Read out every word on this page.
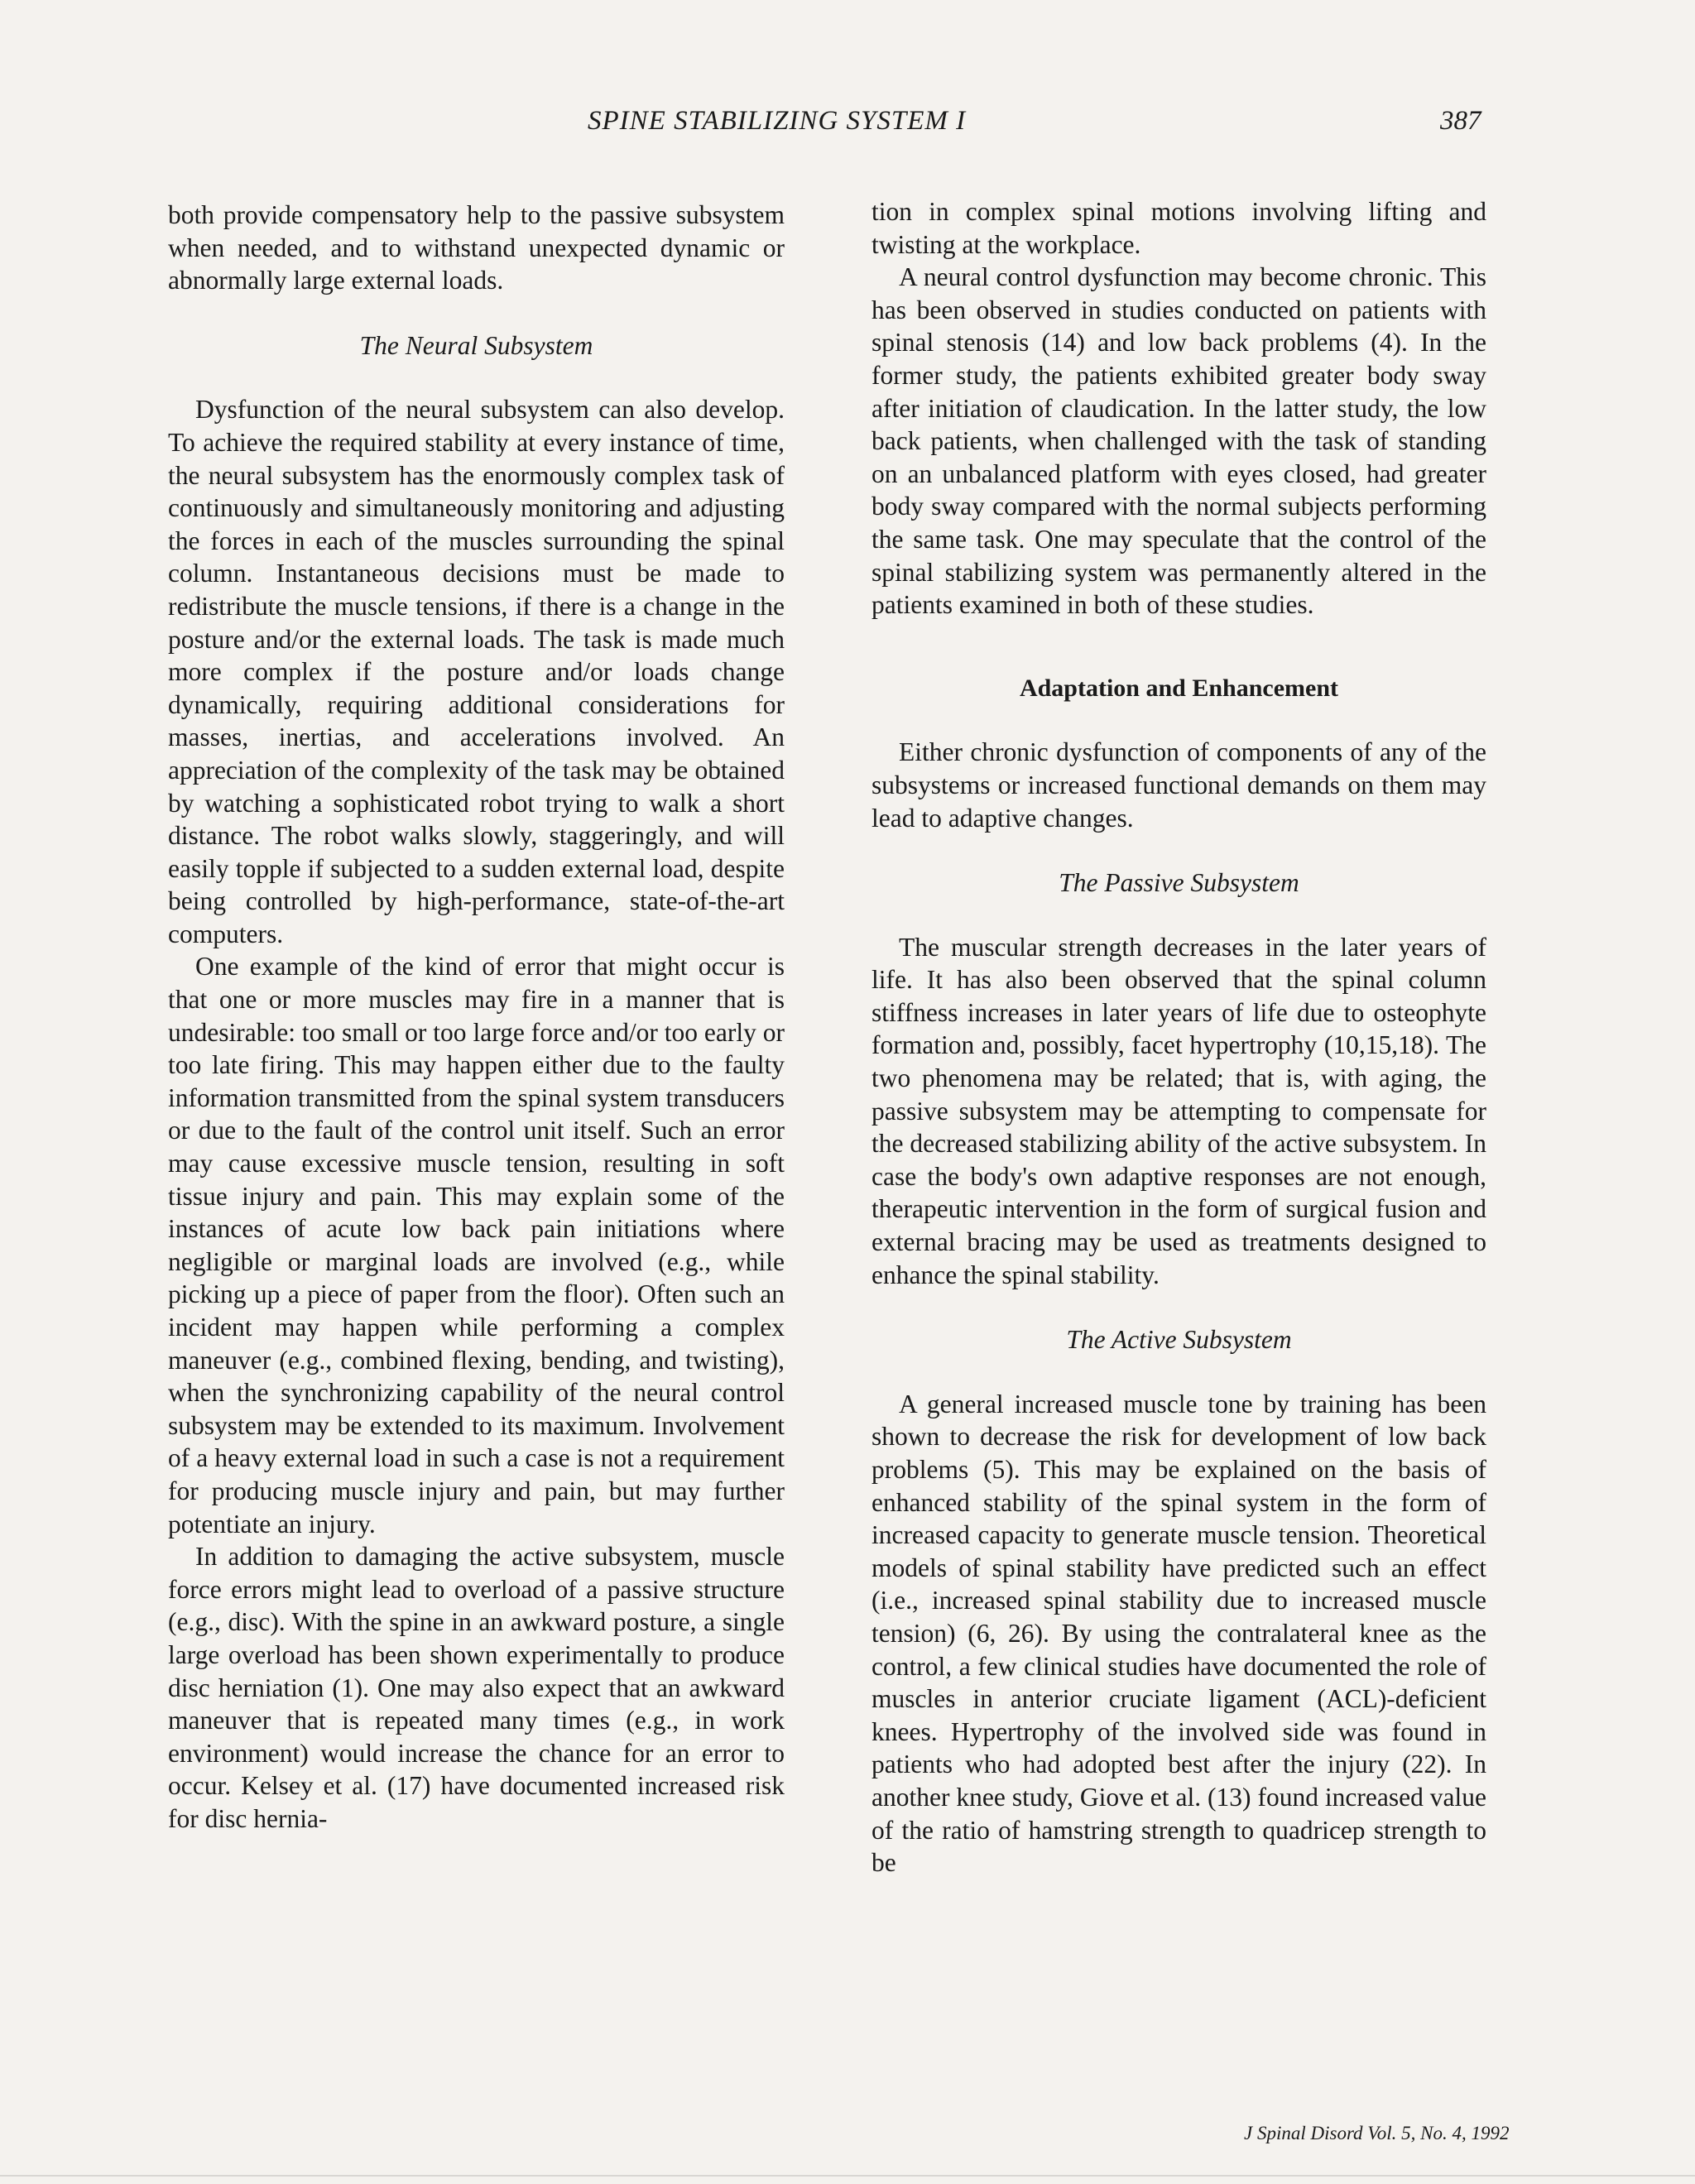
SPINE STABILIZING SYSTEM I	387

both provide compensatory help to the passive subsystem when needed, and to withstand unexpected dynamic or abnormally large external loads.

The Neural Subsystem

Dysfunction of the neural subsystem can also develop. To achieve the required stability at every instance of time, the neural subsystem has the enormously complex task of continuously and simultaneously monitoring and adjusting the forces in each of the muscles surrounding the spinal column. Instantaneous decisions must be made to redistribute the muscle tensions, if there is a change in the posture and/or the external loads. The task is made much more complex if the posture and/or loads change dynamically, requiring additional considerations for masses, inertias, and accelerations involved. An appreciation of the complexity of the task may be obtained by watching a sophisticated robot trying to walk a short distance. The robot walks slowly, staggeringly, and will easily topple if subjected to a sudden external load, despite being controlled by high-performance, state-of-the-art computers.

One example of the kind of error that might occur is that one or more muscles may fire in a manner that is undesirable: too small or too large force and/or too early or too late firing. This may happen either due to the faulty information transmitted from the spinal system transducers or due to the fault of the control unit itself. Such an error may cause excessive muscle tension, resulting in soft tissue injury and pain. This may explain some of the instances of acute low back pain initiations where negligible or marginal loads are involved (e.g., while picking up a piece of paper from the floor). Often such an incident may happen while performing a complex maneuver (e.g., combined flexing, bending, and twisting), when the synchronizing capability of the neural control subsystem may be extended to its maximum. Involvement of a heavy external load in such a case is not a requirement for producing muscle injury and pain, but may further potentiate an injury.

In addition to damaging the active subsystem, muscle force errors might lead to overload of a passive structure (e.g., disc). With the spine in an awkward posture, a single large overload has been shown experimentally to produce disc herniation (1). One may also expect that an awkward maneuver that is repeated many times (e.g., in work environment) would increase the chance for an error to occur. Kelsey et al. (17) have documented increased risk for disc hernia-

tion in complex spinal motions involving lifting and twisting at the workplace.

A neural control dysfunction may become chronic. This has been observed in studies conducted on patients with spinal stenosis (14) and low back problems (4). In the former study, the patients exhibited greater body sway after initiation of claudication. In the latter study, the low back patients, when challenged with the task of standing on an unbalanced platform with eyes closed, had greater body sway compared with the normal subjects performing the same task. One may speculate that the control of the spinal stabilizing system was permanently altered in the patients examined in both of these studies.

Adaptation and Enhancement

Either chronic dysfunction of components of any of the subsystems or increased functional demands on them may lead to adaptive changes.

The Passive Subsystem

The muscular strength decreases in the later years of life. It has also been observed that the spinal column stiffness increases in later years of life due to osteophyte formation and, possibly, facet hypertrophy (10,15,18). The two phenomena may be related; that is, with aging, the passive subsystem may be attempting to compensate for the decreased stabilizing ability of the active subsystem. In case the body's own adaptive responses are not enough, therapeutic intervention in the form of surgical fusion and external bracing may be used as treatments designed to enhance the spinal stability.

The Active Subsystem

A general increased muscle tone by training has been shown to decrease the risk for development of low back problems (5). This may be explained on the basis of enhanced stability of the spinal system in the form of increased capacity to generate muscle tension. Theoretical models of spinal stability have predicted such an effect (i.e., increased spinal stability due to increased muscle tension) (6, 26). By using the contralateral knee as the control, a few clinical studies have documented the role of muscles in anterior cruciate ligament (ACL)-deficient knees. Hypertrophy of the involved side was found in patients who had adopted best after the injury (22). In another knee study, Giove et al. (13) found increased value of the ratio of hamstring strength to quadricep strength to be

J Spinal Disord Vol. 5, No. 4, 1992
